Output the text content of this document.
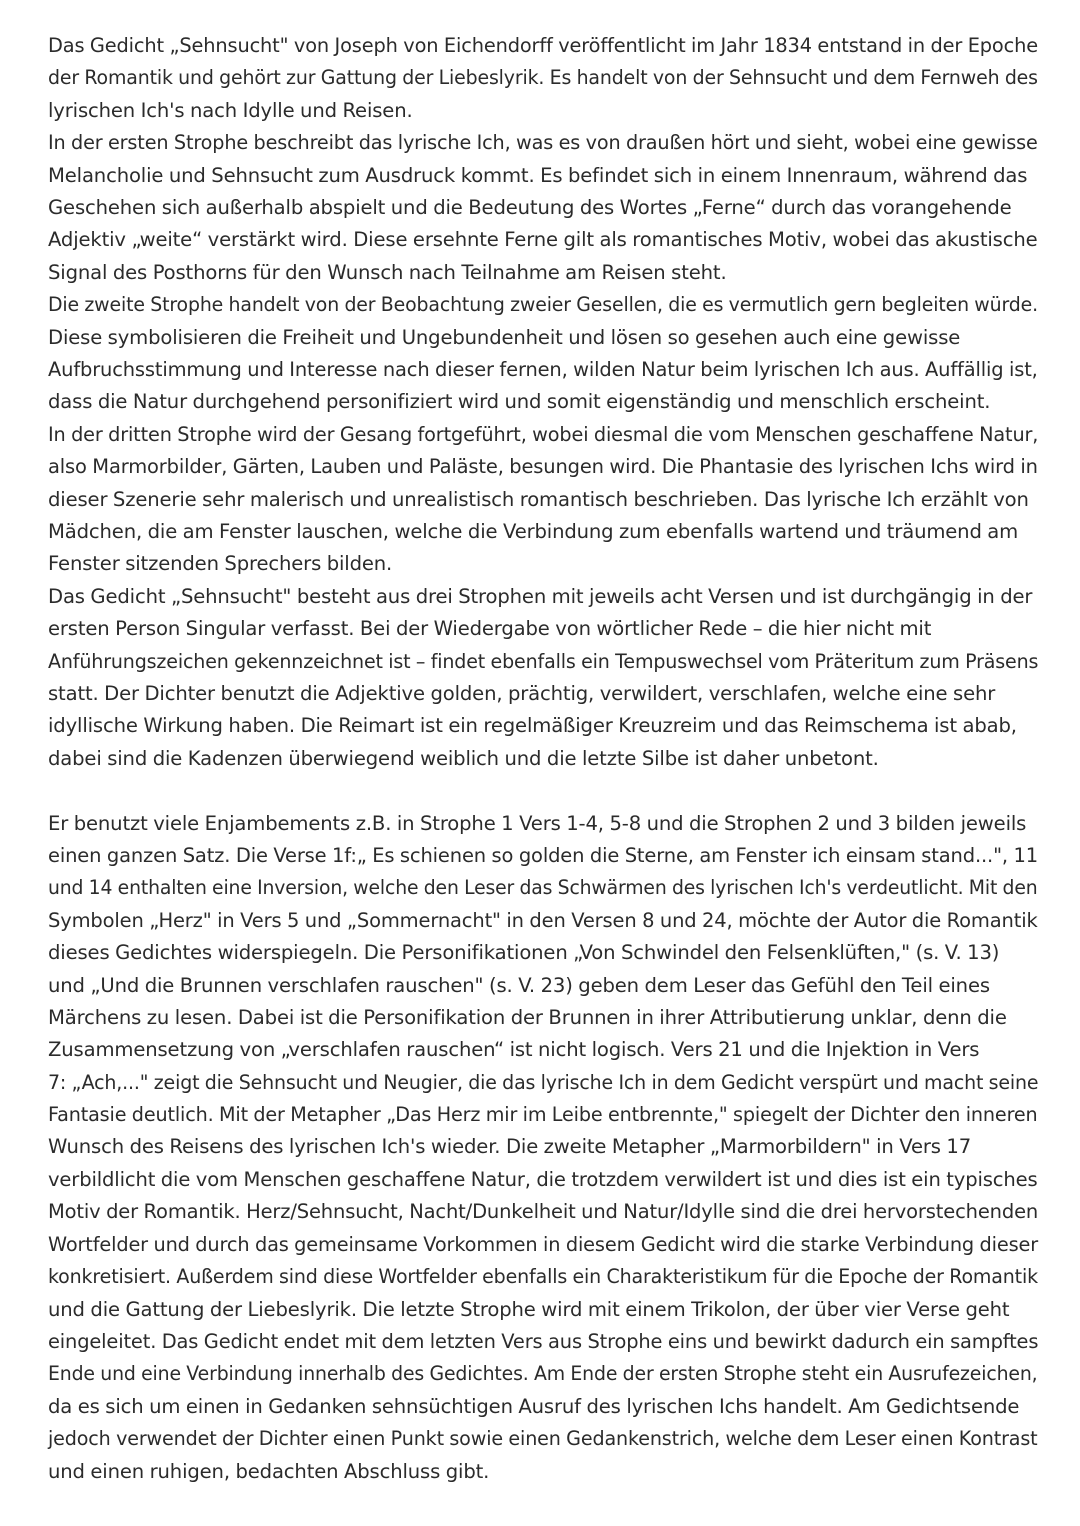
Das Gedicht „Sehnsucht" von Joseph von Eichendorff veröffentlicht im Jahr 1834 entstand in der Epocheder Romantik und gehört zur Gattung der Liebeslyrik. Es handelt von der Sehnsucht und dem Fernweh des
lyrischen Ich's nach Idylle und Reisen.
In der ersten Strophe beschreibt das lyrische Ich, was es von draußen hört und sieht, wobei eine gewisse
Melancholie und Sehnsucht zum Ausdruck kommt. Es befindet sich in einem Innenraum, während das
Geschehen sich außerhalb abspielt und die Bedeutung des Wortes „Ferne“ durch das vorangehende
Adjektiv „weite“ verstärkt wird. Diese ersehnte Ferne gilt als romantisches Motiv, wobei das akustische
Signal des Posthorns für den Wunsch nach Teilnahme am Reisen steht.
Die zweite Strophe handelt von der Beobachtung zweier Gesellen, die es vermutlich gern begleiten würde.
Diese symbolisieren die Freiheit und Ungebundenheit und lösen so gesehen auch eine gewisse
Aufbruchsstimmung und Interesse nach dieser fernen, wilden Natur beim lyrischen Ich aus. Auffällig ist,
dass die Natur durchgehend personifiziert wird und somit eigenständig und menschlich erscheint.
In der dritten Strophe wird der Gesang fortgeführt, wobei diesmal die vom Menschen geschaffene Natur,also Marmorbilder, Gärten, Lauben und Paläste, besungen wird. Die Phantasie des lyrischen Ichs wird in
dieser Szenerie sehr malerisch und unrealistisch romantisch beschrieben. Das lyrische Ich erzählt von
Mädchen, die am Fenster lauschen, welche die Verbindung zum ebenfalls wartend und träumend am
Fenster sitzenden Sprechers bilden.
Das Gedicht „Sehnsucht" besteht aus drei Strophen mit jeweils acht Versen und ist durchgängig in der
ersten Person Singular verfasst. Bei der Wiedergabe von wörtlicher Rede – die hier nicht mit
Anführungszeichen gekennzeichnet ist – findet ebenfalls ein Tempuswechsel vom Präteritum zum Präsens
statt. Der Dichter benutzt die Adjektive golden, prächtig, verwildert, verschlafen, welche eine sehr
idyllische Wirkung haben. Die Reimart ist ein regelmäßiger Kreuzreim und das Reimschema ist abab,
dabei sind die Kadenzen überwiegend weiblich und die letzte Silbe ist daher unbetont.
Er benutzt viele Enjambements z.B. in Strophe 1 Vers 1-4, 5-8 und die Strophen 2 und 3 bilden jeweils
einen ganzen Satz. Die Verse 1f:„ Es schienen so golden die Sterne, am Fenster ich einsam stand...", 11und 14 enthalten eine Inversion, welche den Leser das Schwärmen des lyrischen Ich's verdeutlicht. Mit denSymbolen „Herz" in Vers 5 und „Sommernacht" in den Versen 8 und 24, möchte der Autor die Romantik
dieses Gedichtes widerspiegeln. Die Personifikationen „Von Schwindel den Felsenklüften," (s. V. 13)
und „Und die Brunnen verschlafen rauschen" (s. V. 23) geben dem Leser das Gefühl den Teil eines
Märchens zu lesen. Dabei ist die Personifikation der Brunnen in ihrer Attributierung unklar, denn die
Zusammensetzung von „verschlafen rauschen“ ist nicht logisch. Vers 21 und die Injektion in Vers
7: „Ach,..." zeigt die Sehnsucht und Neugier, die das lyrische Ich in dem Gedicht verspürt und macht seineFantasie deutlich. Mit der Metapher „Das Herz mir im Leibe entbrennte," spiegelt der Dichter den inneren
Wunsch des Reisens des lyrischen Ich's wieder. Die zweite Metapher „Marmorbildern" in Vers 17
verbildlicht die vom Menschen geschaffene Natur, die trotzdem verwildert ist und dies ist ein typischesMotiv der Romantik. Herz/Sehnsucht, Nacht/Dunkelheit und Natur/Idylle sind die drei hervorstechendenWortfelder und durch das gemeinsame Vorkommen in diesem Gedicht wird die starke Verbindung dieserkonkretisiert. Außerdem sind diese Wortfelder ebenfalls ein Charakteristikum für die Epoche der Romantik
und die Gattung der Liebeslyrik. Die letzte Strophe wird mit einem Trikolon, der über vier Verse geht
eingeleitet. Das Gedicht endet mit dem letzten Vers aus Strophe eins und bewirkt dadurch ein sampftesEnde und eine Verbindung innerhalb des Gedichtes. Am Ende der ersten Strophe steht ein Ausrufezeichen,
da es sich um einen in Gedanken sehnsüchtigen Ausruf des lyrischen Ichs handelt. Am Gedichtsende
jedoch verwendet der Dichter einen Punkt sowie einen Gedankenstrich, welche dem Leser einen Kontrast
und einen ruhigen, bedachten Abschluss gibt.
